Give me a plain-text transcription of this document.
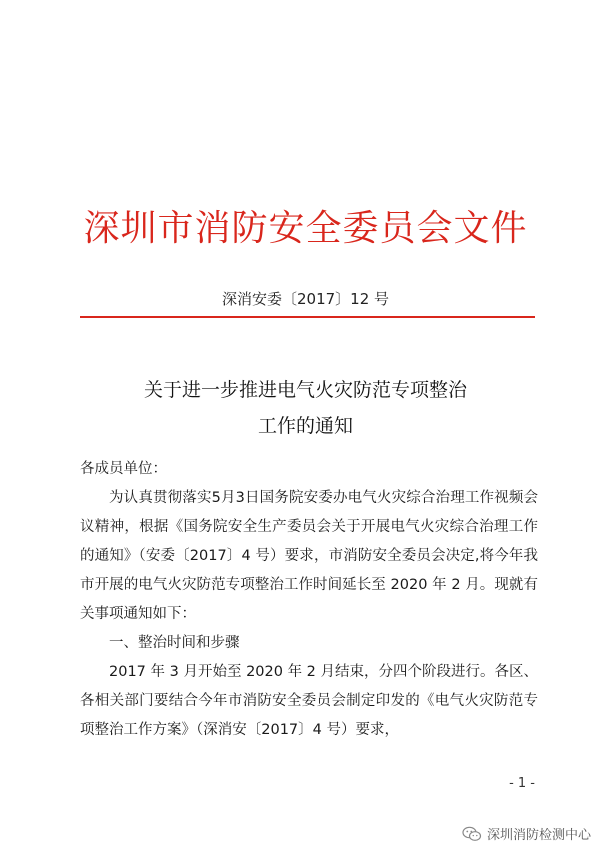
深圳市消防安全委员会文件
深消安委〔2017〕12 号
关于进一步推进电气火灾防范专项整治
工作的通知

各成员单位：

为认真贯彻落实5月3日国务院安委办电气火灾综合治理工作视频会议精神，根据《国务院安全生产委员会关于开展电气火灾综合治理工作的通知》（安委〔2017〕4 号）要求，市消防安全委员会决定,将今年我市开展的电气火灾防范专项整治工作时间延长至 2020 年 2 月。现就有关事项通知如下：

一、整治时间和步骤

2017 年 3 月开始至 2020 年 2 月结束，分四个阶段进行。各区、各相关部门要结合今年市消防安全委员会制定印发的《电气火灾防范专项整治工作方案》（深消安〔2017〕4 号）要求，

- 1 -
深圳消防检测中心
